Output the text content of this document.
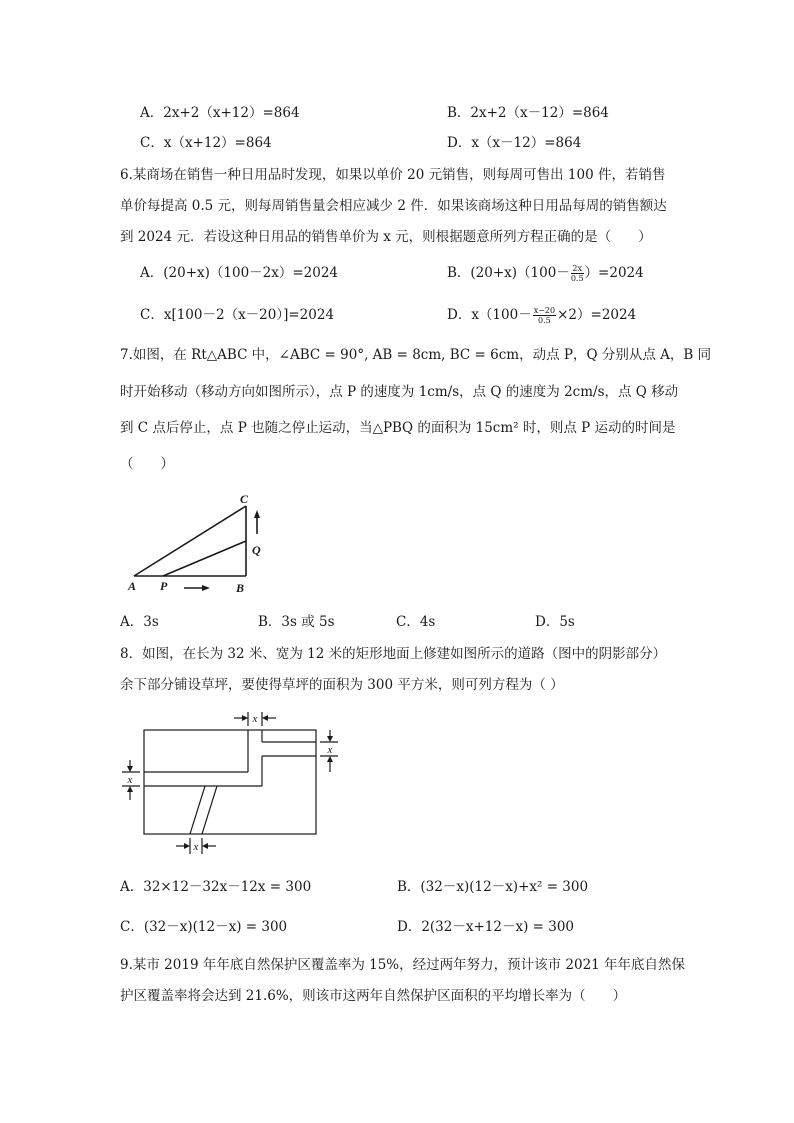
A．2x+2（x+12）=864	B．2x+2（x－12）=864
C．x（x+12）=864	D．x（x－12）=864
6.某商场在销售一种日用品时发现，如果以单价 20 元销售，则每周可售出 100 件，若销售
单价每提高 0.5 元，则每周销售量会相应减少 2 件．如果该商场这种日用品每周的销售额达
到 2024 元．若设这种日用品的销售单价为 x 元，则根据题意所列方程正确的是（　　）
A．(20+x)（100－2x）=2024	B．$(20+x)(100- \frac{2x}{0.5} )=2024$
C．x[100－2（x－20）]=2024	D．$x(100- \frac{x-20}{0.5} \times 2)=2024$
7.如图，在 Rt△ABC 中，∠ABC = 90°, AB = 8cm, BC = 6cm，动点 P，Q 分别从点 A，B 同
时开始移动（移动方向如图所示），点 P 的速度为 1cm/s，点 Q 的速度为 2cm/s，点 Q 移动
到 C 点后停止，点 P 也随之停止运动，当△PBQ 的面积为 15cm² 时，则点 P 运动的时间是
（　　）
A P	B
C
Q
A．3s	B．3s 或 5s	C．4s	D．5s
8．如图，在长为 32 米、宽为 12 米的矩形地面上修建如图所示的道路（图中的阴影部分）
余下部分铺设草坪，要使得草坪的面积为 300 平方米，则可列方程为（ ）
x
x
x
x
A．32×12－32x－12x = 300	B．(32－x)(12－x)+x² = 300
C．(32－x)(12－x) = 300	D．2(32－x+12－x) = 300
9.某市 2019 年年底自然保护区覆盖率为 15%，经过两年努力，预计该市 2021 年年底自然保
护区覆盖率将会达到 21.6%，则该市这两年自然保护区面积的平均增长率为（　　）
